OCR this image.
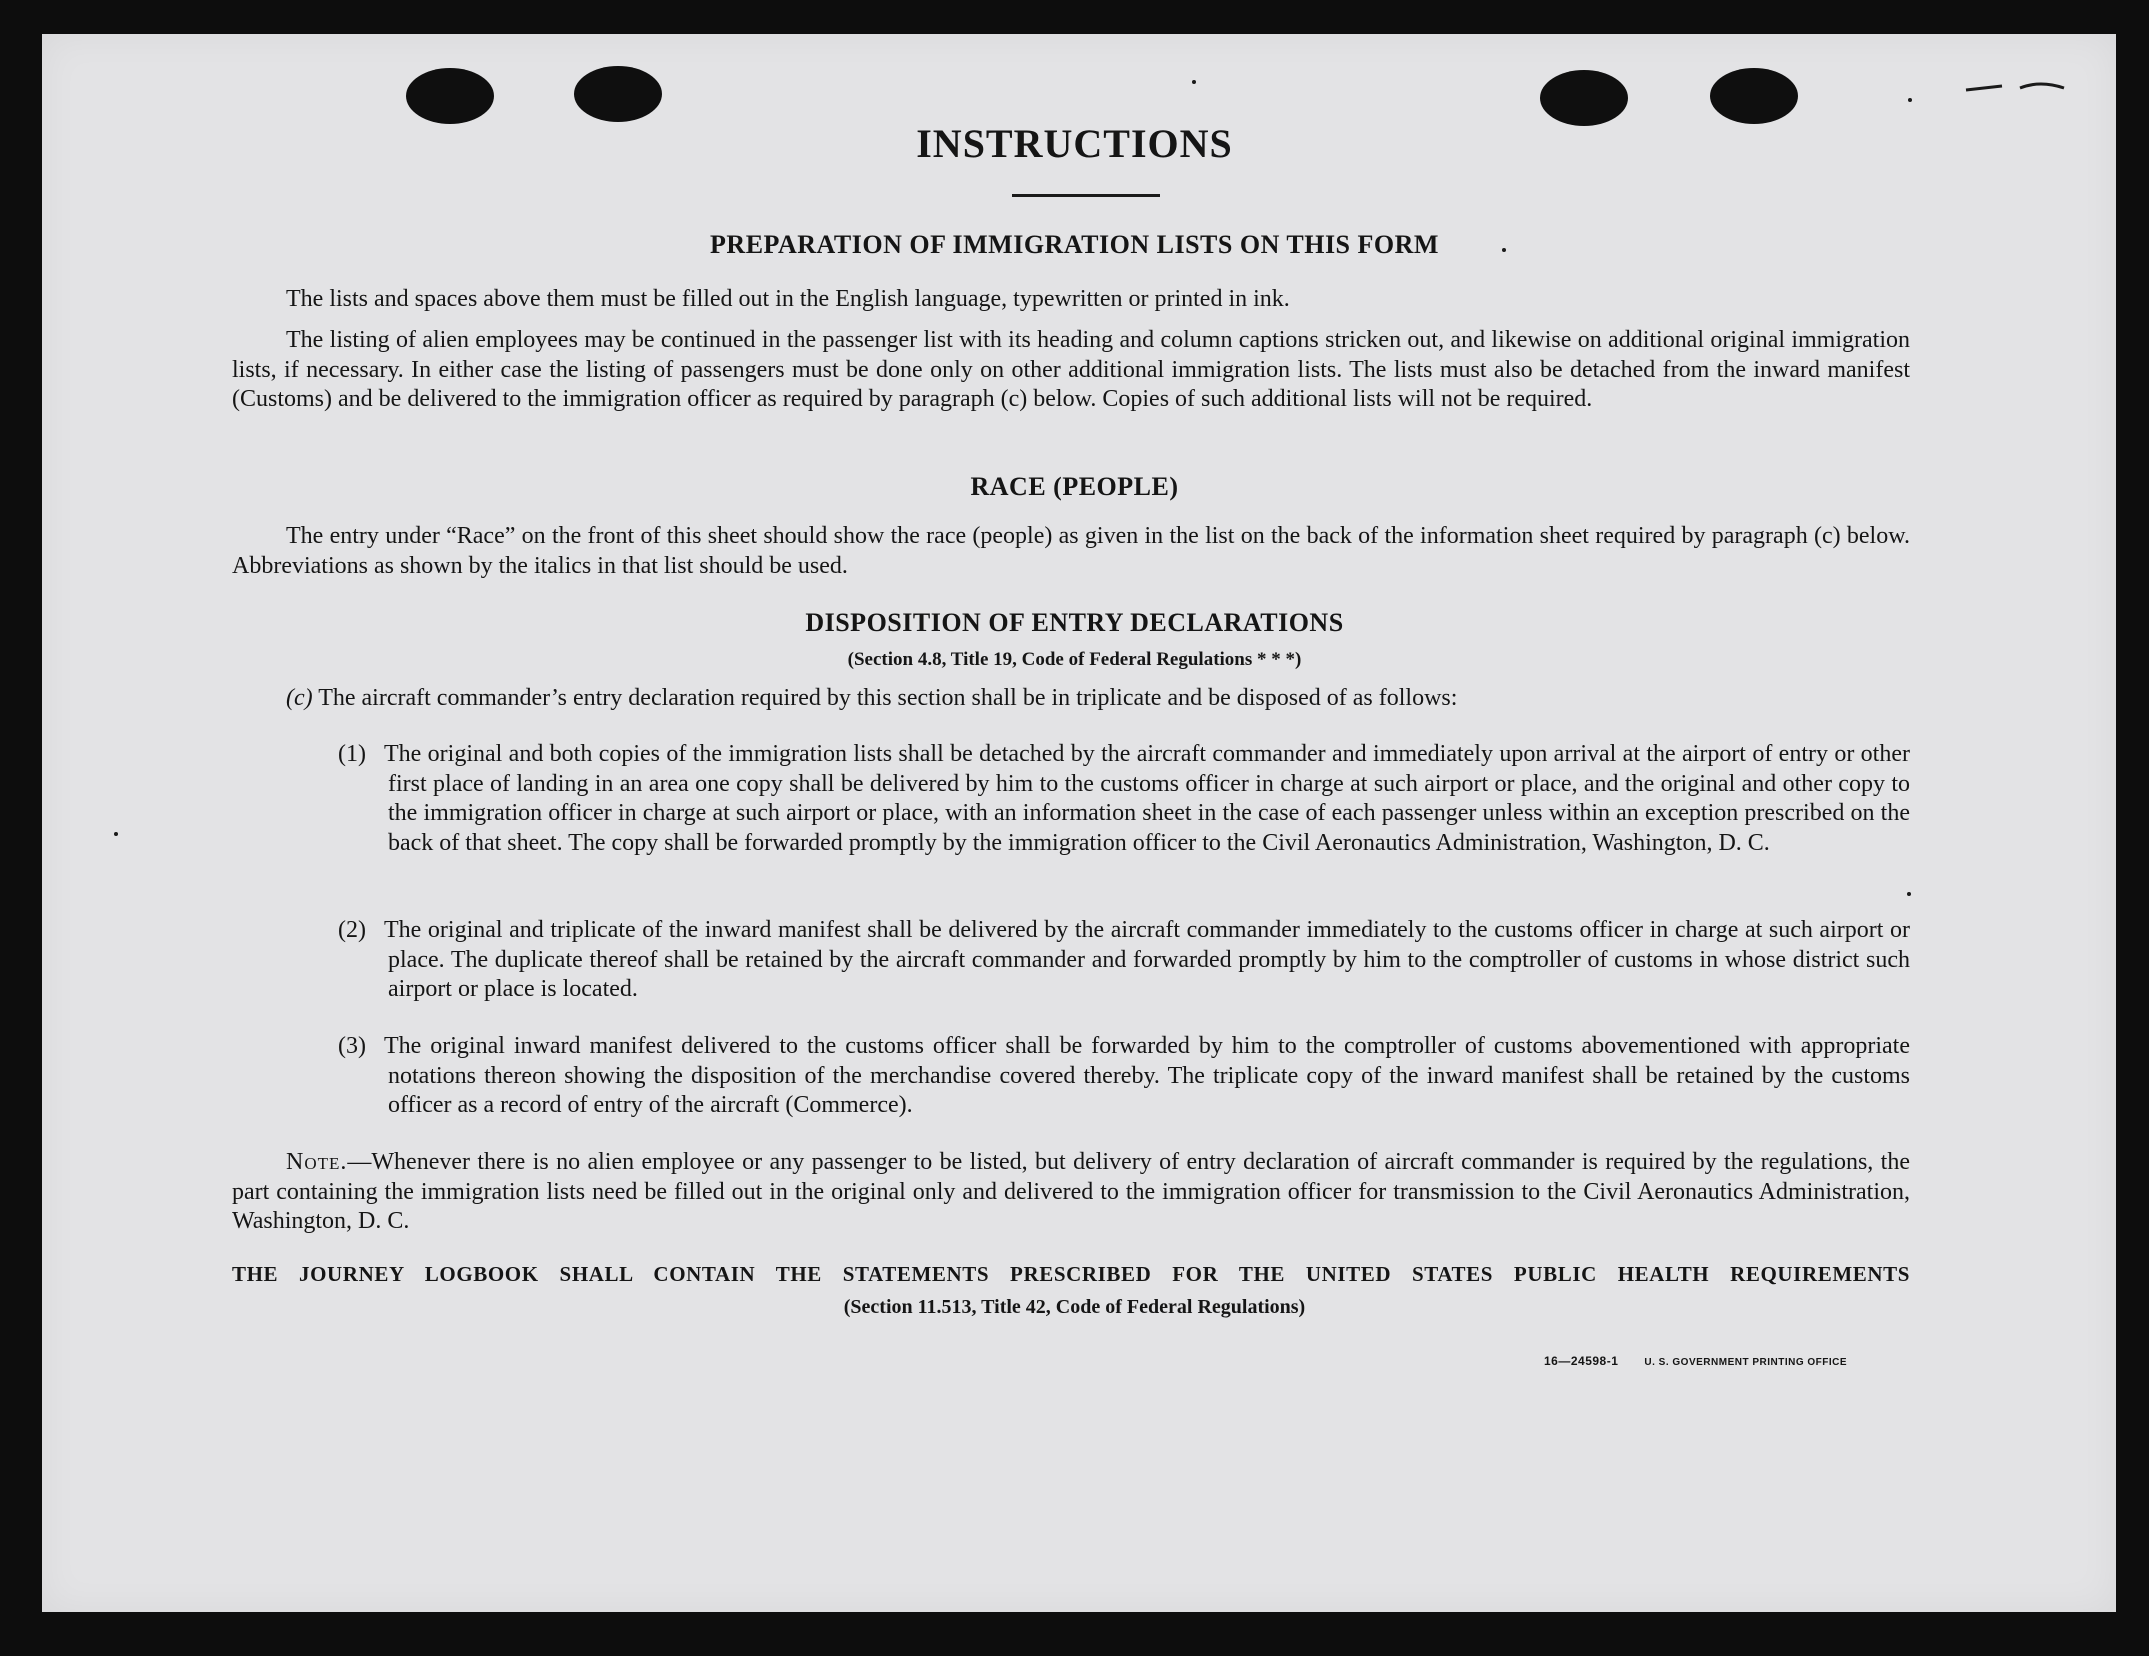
INSTRUCTIONS
PREPARATION OF IMMIGRATION LISTS ON THIS FORM

The lists and spaces above them must be filled out in the English language, typewritten or printed in ink.

The listing of alien employees may be continued in the passenger list with its heading and column captions stricken out, and likewise on additional original immigration lists, if necessary. In either case the listing of passengers must be done only on other additional immigration lists. The lists must also be detached from the inward manifest (Customs) and be delivered to the immigration officer as required by paragraph (c) below. Copies of such additional lists will not be required.

RACE (PEOPLE)

The entry under “Race” on the front of this sheet should show the race (people) as given in the list on the back of the information sheet required by paragraph (c) below. Abbreviations as shown by the italics in that list should be used.

DISPOSITION OF ENTRY DECLARATIONS
(Section 4.8, Title 19, Code of Federal Regulations * * *)

(c) The aircraft commander’s entry declaration required by this section shall be in triplicate and be disposed of as follows:

(1) The original and both copies of the immigration lists shall be detached by the aircraft commander and immediately upon arrival at the airport of entry or other first place of landing in an area one copy shall be delivered by him to the customs officer in charge at such airport or place, and the original and other copy to the immigration officer in charge at such airport or place, with an information sheet in the case of each passenger unless within an exception prescribed on the back of that sheet. The copy shall be forwarded promptly by the immigration officer to the Civil Aeronautics Administration, Washington, D. C.

(2) The original and triplicate of the inward manifest shall be delivered by the aircraft commander immediately to the customs officer in charge at such airport or place. The duplicate thereof shall be retained by the aircraft commander and forwarded promptly by him to the comptroller of customs in whose district such airport or place is located.

(3) The original inward manifest delivered to the customs officer shall be forwarded by him to the comptroller of customs abovementioned with appropriate notations thereon showing the disposition of the merchandise covered thereby. The triplicate copy of the inward manifest shall be retained by the customs officer as a record of entry of the aircraft (Commerce).

Note.—Whenever there is no alien employee or any passenger to be listed, but delivery of entry declaration of aircraft commander is required by the regulations, the part containing the immigration lists need be filled out in the original only and delivered to the immigration officer for transmission to the Civil Aeronautics Administration, Washington, D. C.

THE JOURNEY LOGBOOK SHALL CONTAIN THE STATEMENTS PRESCRIBED FOR THE UNITED STATES PUBLIC HEALTH REQUIREMENTS
(Section 11.513, Title 42, Code of Federal Regulations)
16—24598-1	U. S. GOVERNMENT PRINTING OFFICE
